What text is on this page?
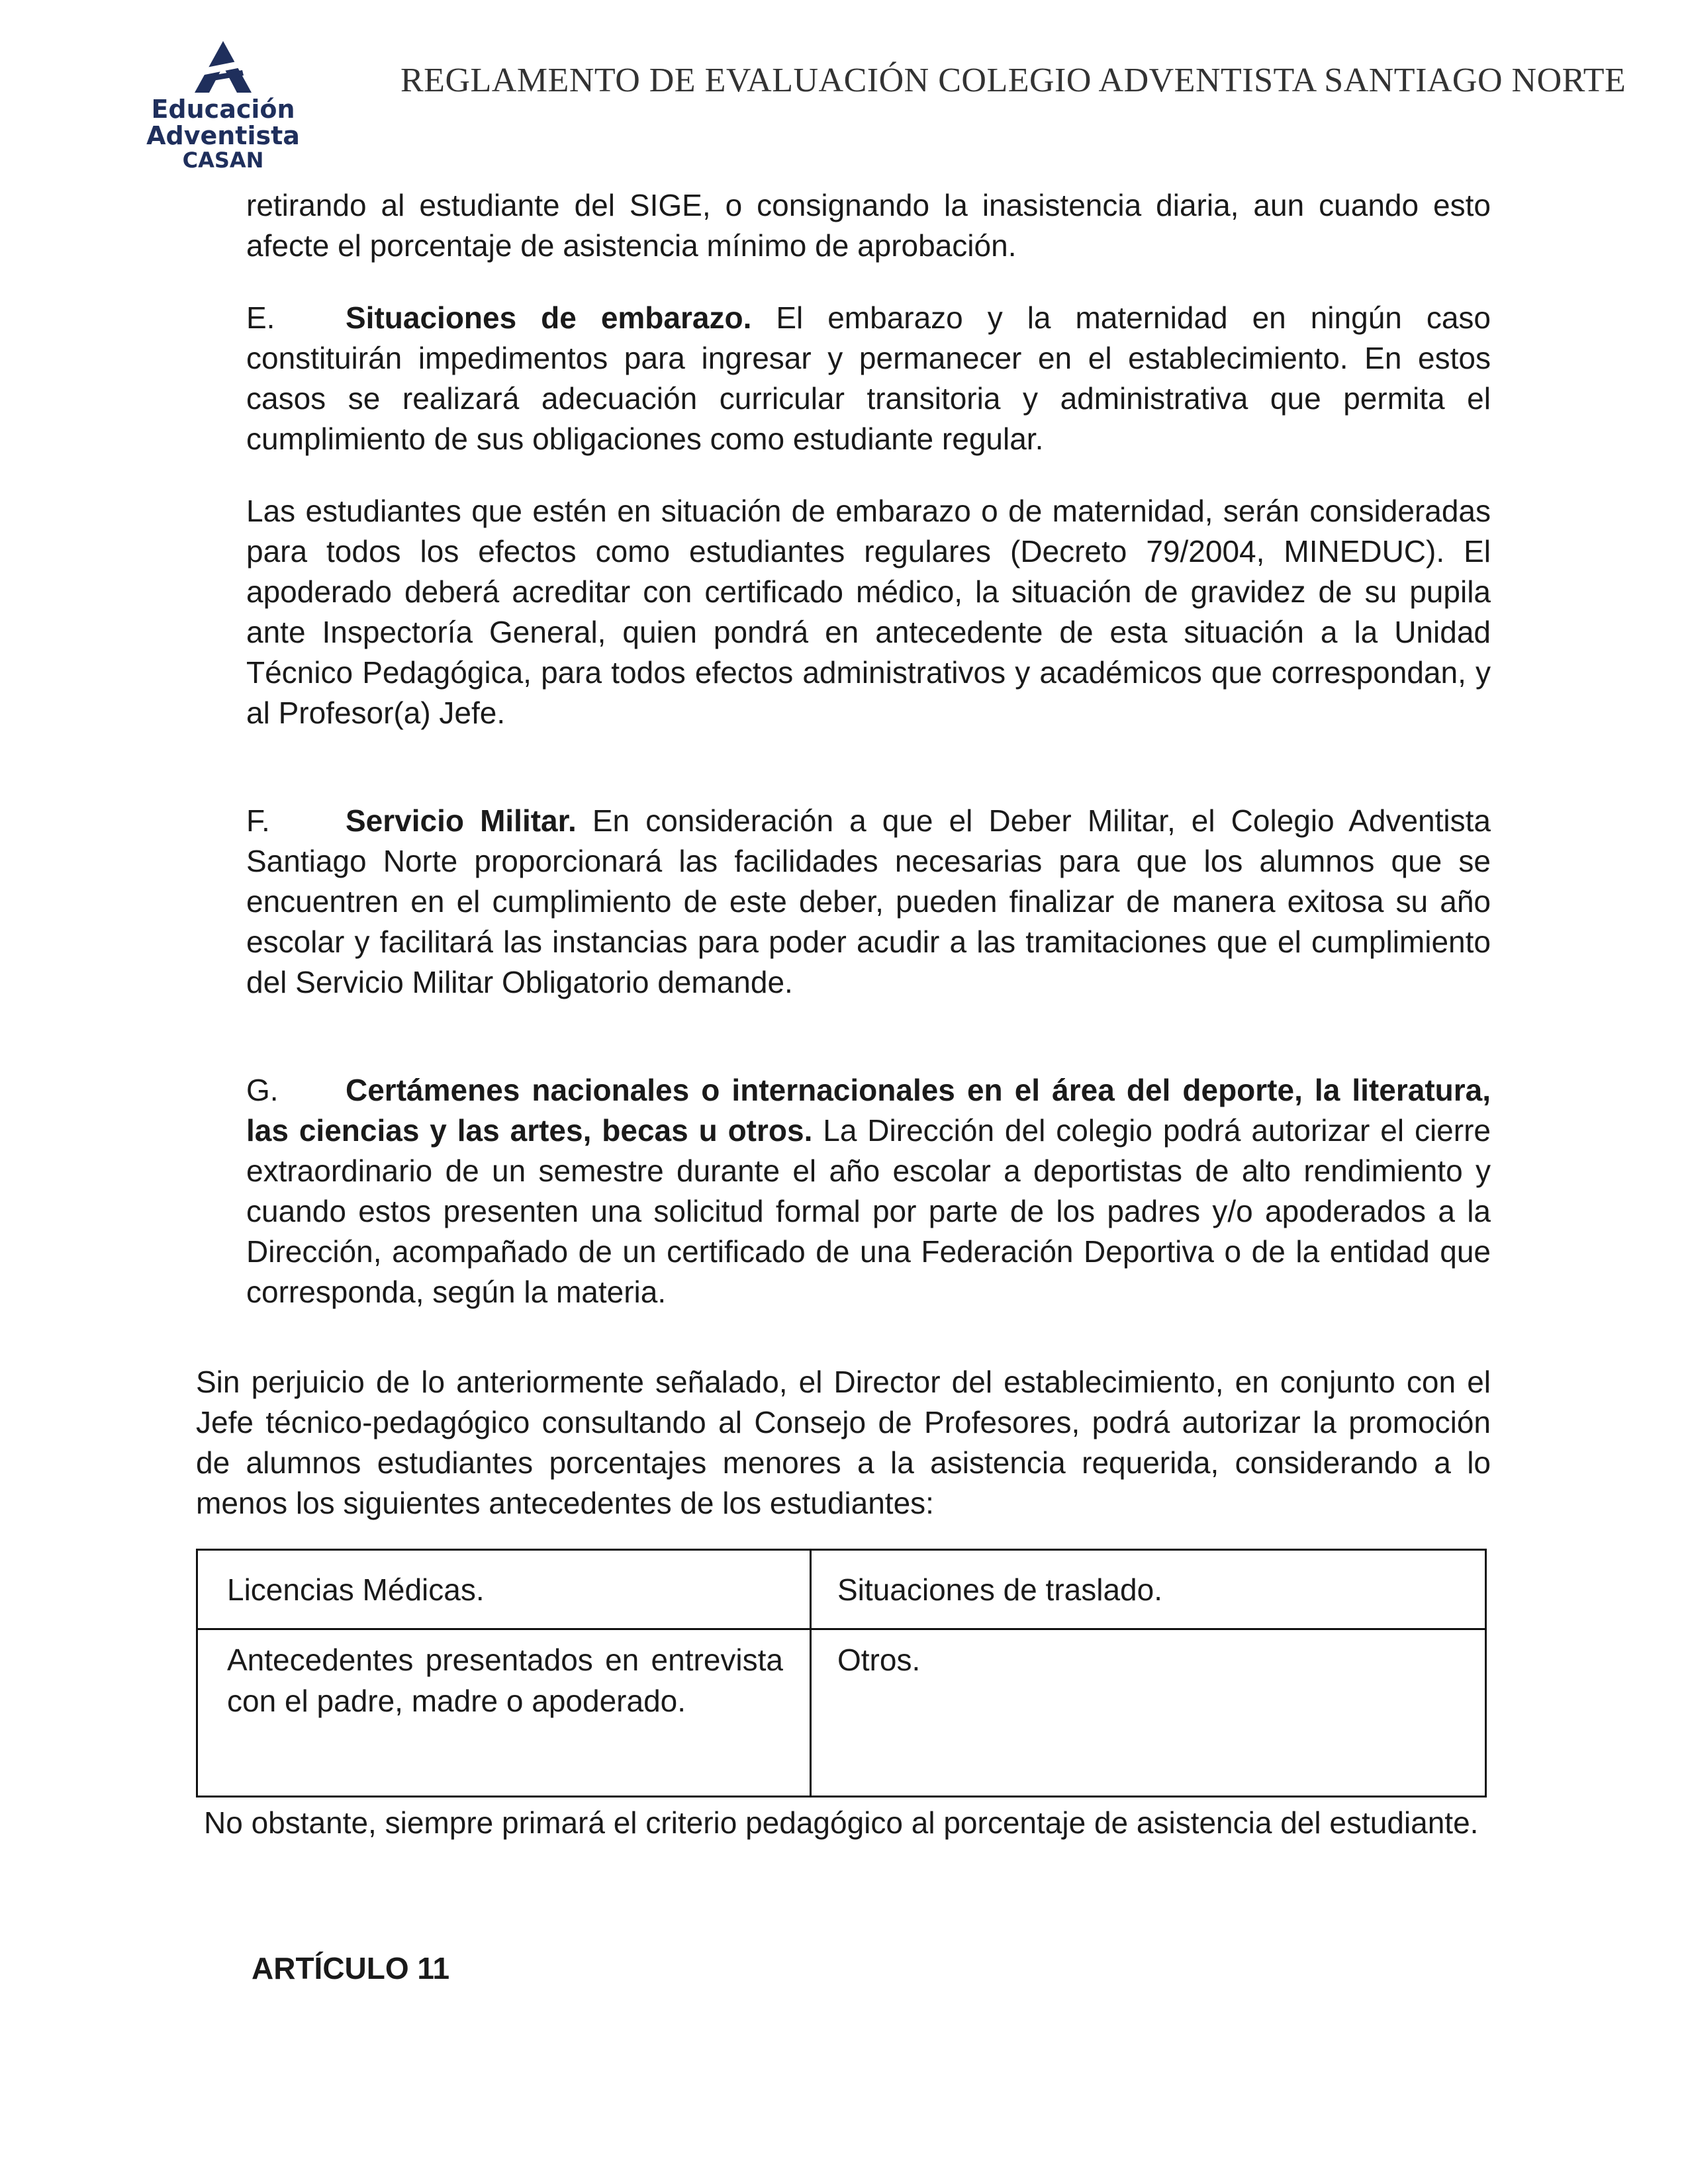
Educación
Adventista
CASAN
REGLAMENTO DE EVALUACIÓN COLEGIO ADVENTISTA SANTIAGO NORTE

retirando al estudiante del SIGE, o consignando la inasistencia diaria, aun cuando esto afecte el porcentaje de asistencia mínimo de aprobación.

E. Situaciones de embarazo. El embarazo y la maternidad en ningún caso constituirán impedimentos para ingresar y permanecer en el establecimiento. En estos casos se realizará adecuación curricular transitoria y administrativa que permita el cumplimiento de sus obligaciones como estudiante regular.

Las estudiantes que estén en situación de embarazo o de maternidad, serán consideradas para todos los efectos como estudiantes regulares (Decreto 79/2004, MINEDUC). El apoderado deberá acreditar con certificado médico, la situación de gravidez de su pupila ante Inspectoría General, quien pondrá en antecedente de esta situación a la Unidad Técnico Pedagógica, para todos efectos administrativos y académicos que correspondan, y al Profesor(a) Jefe.

F. Servicio Militar. En consideración a que el Deber Militar, el Colegio Adventista Santiago Norte proporcionará las facilidades necesarias para que los alumnos que se encuentren en el cumplimiento de este deber, pueden finalizar de manera exitosa su año escolar y facilitará las instancias para poder acudir a las tramitaciones que el cumplimiento del Servicio Militar Obligatorio demande.

G. Certámenes nacionales o internacionales en el área del deporte, la literatura, las ciencias y las artes, becas u otros. La Dirección del colegio podrá autorizar el cierre extraordinario de un semestre durante el año escolar a deportistas de alto rendimiento y cuando estos presenten una solicitud formal por parte de los padres y/o apoderados a la Dirección, acompañado de un certificado de una Federación Deportiva o de la entidad que corresponda, según la materia.

Sin perjuicio de lo anteriormente señalado, el Director del establecimiento, en conjunto con el Jefe técnico-pedagógico consultando al Consejo de Profesores, podrá autorizar la promoción de alumnos estudiantes porcentajes menores a la asistencia requerida, considerando a lo menos los siguientes antecedentes de los estudiantes:

Licencias Médicas.	Situaciones de traslado.
Antecedentes presentados en entrevista con el padre, madre o apoderado.
Otros.

No obstante, siempre primará el criterio pedagógico al porcentaje de asistencia del estudiante.

ARTÍCULO 11
